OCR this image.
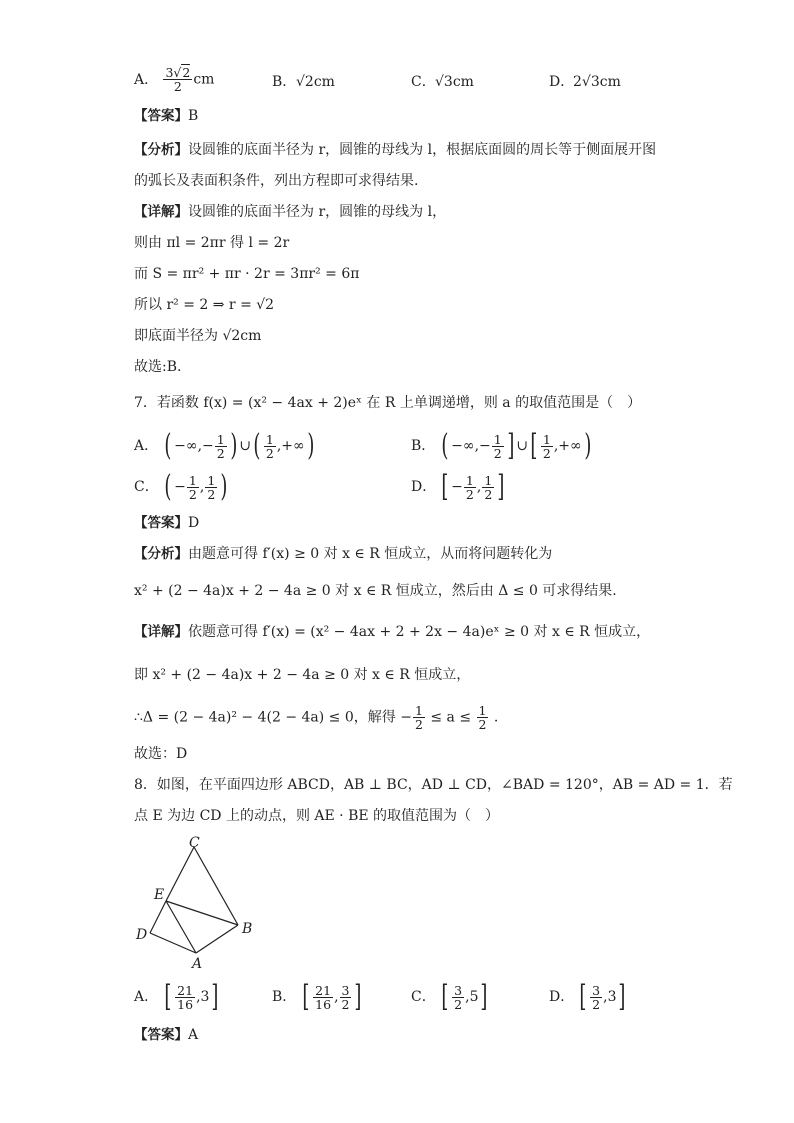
A． $\frac{3√2}{2}$ cm	B．√2cm	C．√3cm	D．2√3cm
【答案】B
【分析】设圆锥的底面半径为 r，圆锥的母线为 l，根据底面圆的周长等于侧面展开图
的弧长及表面积条件，列出方程即可求得结果.
【详解】设圆锥的底面半径为 r，圆锥的母线为 l，
则由 πl = 2πr 得 l = 2r
而 S = πr² + πr · 2r = 3πr² = 6π
所以 r² = 2 ⇒ r = √2
即底面半径为 √2cm
故选:B.
7．若函数 f(x) = (x² − 4ax + 2)eˣ 在 R 上单调递增，则 a 的取值范围是（　）
A． ( −∞,− $\frac{1}{2}$ ) ∪( $\frac{1}{2}$ ,+∞)	B． ( −∞,− $\frac{1}{2}$ ] ∪[ $\frac{1}{2}$ ,+∞)
C． ( − $\frac{1}{2}$ , $\frac{1}{2}$ )	D． [ − $\frac{1}{2}$ , $\frac{1}{2}$ ]
【答案】D
【分析】由题意可得 f′(x) ≥ 0 对 x ∈ R 恒成立，从而将问题转化为
x² + (2 − 4a)x + 2 − 4a ≥ 0 对 x ∈ R 恒成立，然后由 Δ ≤ 0 可求得结果.
【详解】依题意可得 f′(x) = (x² − 4ax + 2 + 2x − 4a)eˣ ≥ 0 对 x ∈ R 恒成立，
即 x² + (2 − 4a)x + 2 − 4a ≥ 0 对 x ∈ R 恒成立，
∴Δ = (2 − 4a)² − 4(2 − 4a) ≤ 0，解得 − $\frac{1}{2} \le a \le \frac{1}{2}$ .
故选：D
8．如图，在平面四边形 ABCD，AB ⊥ BC，AD ⊥ CD，∠BAD = 120°，AB = AD = 1．若
点 E 为边 CD 上的动点，则 AE · BE 的取值范围为（　）
C
E
D	B
A
A． [ $\frac{21}{16} ,3$]	B． [ $\frac{21}{16}$ , $\frac{3}{2}$ ]	C． [ $\frac{3}{2} ,5$]	D． [ $\frac{3}{2} ,3$]
【答案】A
